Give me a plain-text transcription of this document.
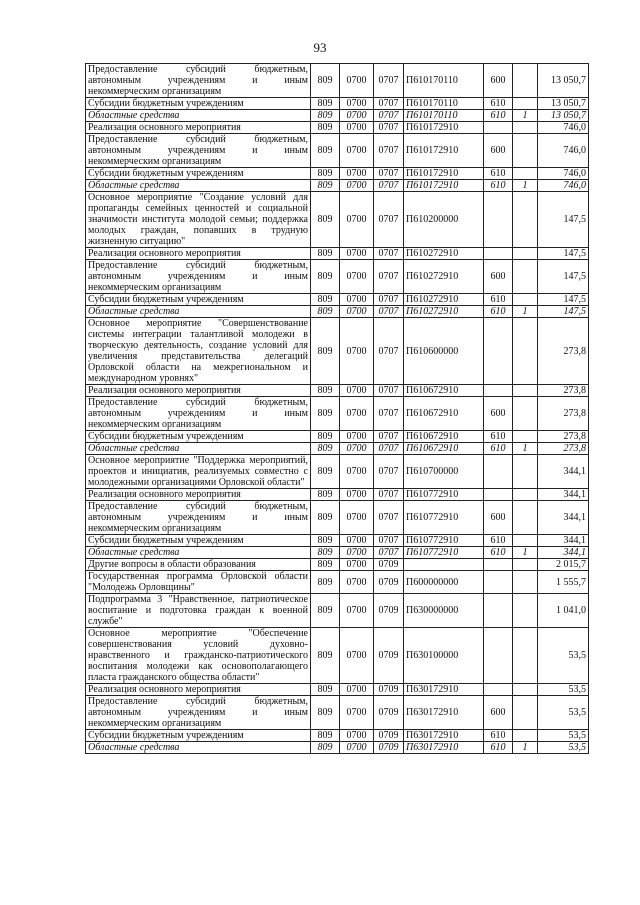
93
Предоставление субсидий бюджетным, автономным учреждениям и иным некоммерческим организациям	809	0700	0707	П610170110	600		13 050,7
Субсидии бюджетным учреждениям	809	0700	0707	П610170110	610		13 050,7
Областные средства	809	0700	0707	П610170110	610	1	13 050,7
Реализация основного мероприятия	809	0700	0707	П610172910			746,0
Предоставление субсидий бюджетным, автономным учреждениям и иным некоммерческим организациям	809	0700	0707	П610172910	600		746,0
Субсидии бюджетным учреждениям	809	0700	0707	П610172910	610		746,0
Областные средства	809	0700	0707	П610172910	610	1	746,0
Основное мероприятие "Создание условий для пропаганды семейных ценностей и социальной значимости института молодой семьи; поддержка молодых граждан, попавших в трудную жизненную ситуацию"	809	0700	0707	П610200000			147,5
Реализация основного мероприятия	809	0700	0707	П610272910			147,5
Предоставление субсидий бюджетным, автономным учреждениям и иным некоммерческим организациям	809	0700	0707	П610272910	600		147,5
Субсидии бюджетным учреждениям	809	0700	0707	П610272910	610		147,5
Областные средства	809	0700	0707	П610272910	610	1	147,5
Основное мероприятие "Совершенствование системы интеграции талантливой молодежи в творческую деятельность, создание условий для увеличения представительства делегаций Орловской области на межрегиональном и международном уровнях"	809	0700	0707	П610600000			273,8
Реализация основного мероприятия	809	0700	0707	П610672910			273,8
Предоставление субсидий бюджетным, автономным учреждениям и иным некоммерческим организациям	809	0700	0707	П610672910	600		273,8
Субсидии бюджетным учреждениям	809	0700	0707	П610672910	610		273,8
Областные средства	809	0700	0707	П610672910	610	1	273,8
Основное мероприятие "Поддержка мероприятий, проектов и инициатив, реализуемых совместно с молодежными организациями Орловской области"	809	0700	0707	П610700000			344,1
Реализация основного мероприятия	809	0700	0707	П610772910			344,1
Предоставление субсидий бюджетным, автономным учреждениям и иным некоммерческим организациям	809	0700	0707	П610772910	600		344,1
Субсидии бюджетным учреждениям	809	0700	0707	П610772910	610		344,1
Областные средства	809	0700	0707	П610772910	610	1	344,1
Другие вопросы в области образования	809	0700	0709				2 015,7
Государственная программа Орловской области "Молодежь Орловщины"	809	0700	0709	П600000000			1 555,7
Подпрограмма 3 "Нравственное, патриотическое воспитание и подготовка граждан к военной службе"	809	0700	0709	П630000000			1 041,0
Основное мероприятие "Обеспечение совершенствования условий духовно-нравственного и гражданско-патриотического воспитания молодежи как основополагающего пласта гражданского общества области"	809	0700	0709	П630100000			53,5
Реализация основного мероприятия	809	0700	0709	П630172910			53,5
Предоставление субсидий бюджетным, автономным учреждениям и иным некоммерческим организациям	809	0700	0709	П630172910	600		53,5
Субсидии бюджетным учреждениям	809	0700	0709	П630172910	610		53,5
Областные средства	809	0700	0709	П630172910	610	1	53,5
